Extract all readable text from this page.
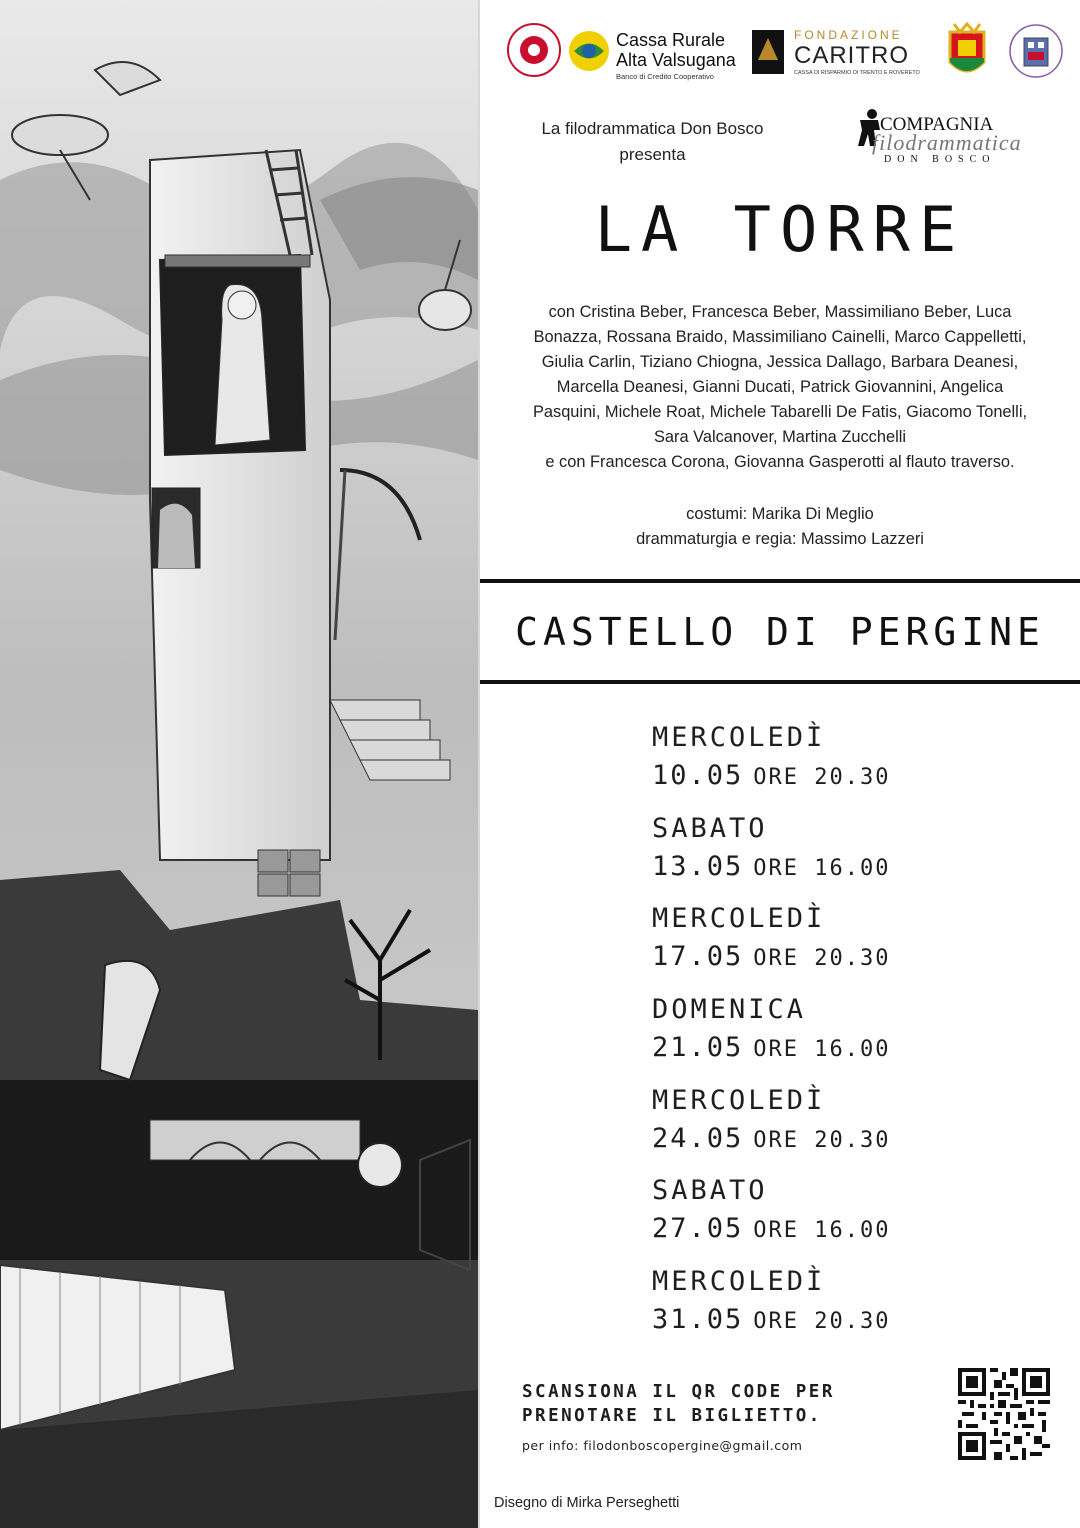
Cassa Rurale
Alta Valsugana
Banco di Credito Cooperativo
FONDAZIONE
CARITRO
CASSA DI RISPARMIO DI TRENTO E ROVERETO
La filodrammatica Don Bosco
presenta
COMPAGNIA
filodrammatica
DON BOSCO
LA TORRE

con Cristina Beber, Francesca Beber, Massimiliano Beber, Luca

Bonazza, Rossana Braido, Massimiliano Cainelli, Marco Cappelletti,

Giulia Carlin, Tiziano Chiogna, Jessica Dallago, Barbara Deanesi,

Marcella Deanesi, Gianni Ducati, Patrick Giovannini, Angelica

Pasquini, Michele Roat, Michele Tabarelli De Fatis, Giacomo Tonelli,

Sara Valcanover, Martina Zucchelli

e con Francesca Corona, Giovanna Gasperotti al flauto traverso.

costumi: Marika Di Meglio
drammaturgia e regia: Massimo Lazzeri
CASTELLO DI PERGINE
MERCOLEDÌ
10.05 ORE 20.30
SABATO
13.05 ORE 16.00
MERCOLEDÌ
17.05 ORE 20.30
DOMENICA
21.05 ORE 16.00
MERCOLEDÌ
24.05 ORE 20.30
SABATO
27.05 ORE 16.00
MERCOLEDÌ
31.05 ORE 20.30

SCANSIONA IL QR CODE PER

PRENOTARE IL BIGLIETTO.

per info: filodonboscopergine@gmail.com
Disegno di Mirka Perseghetti
